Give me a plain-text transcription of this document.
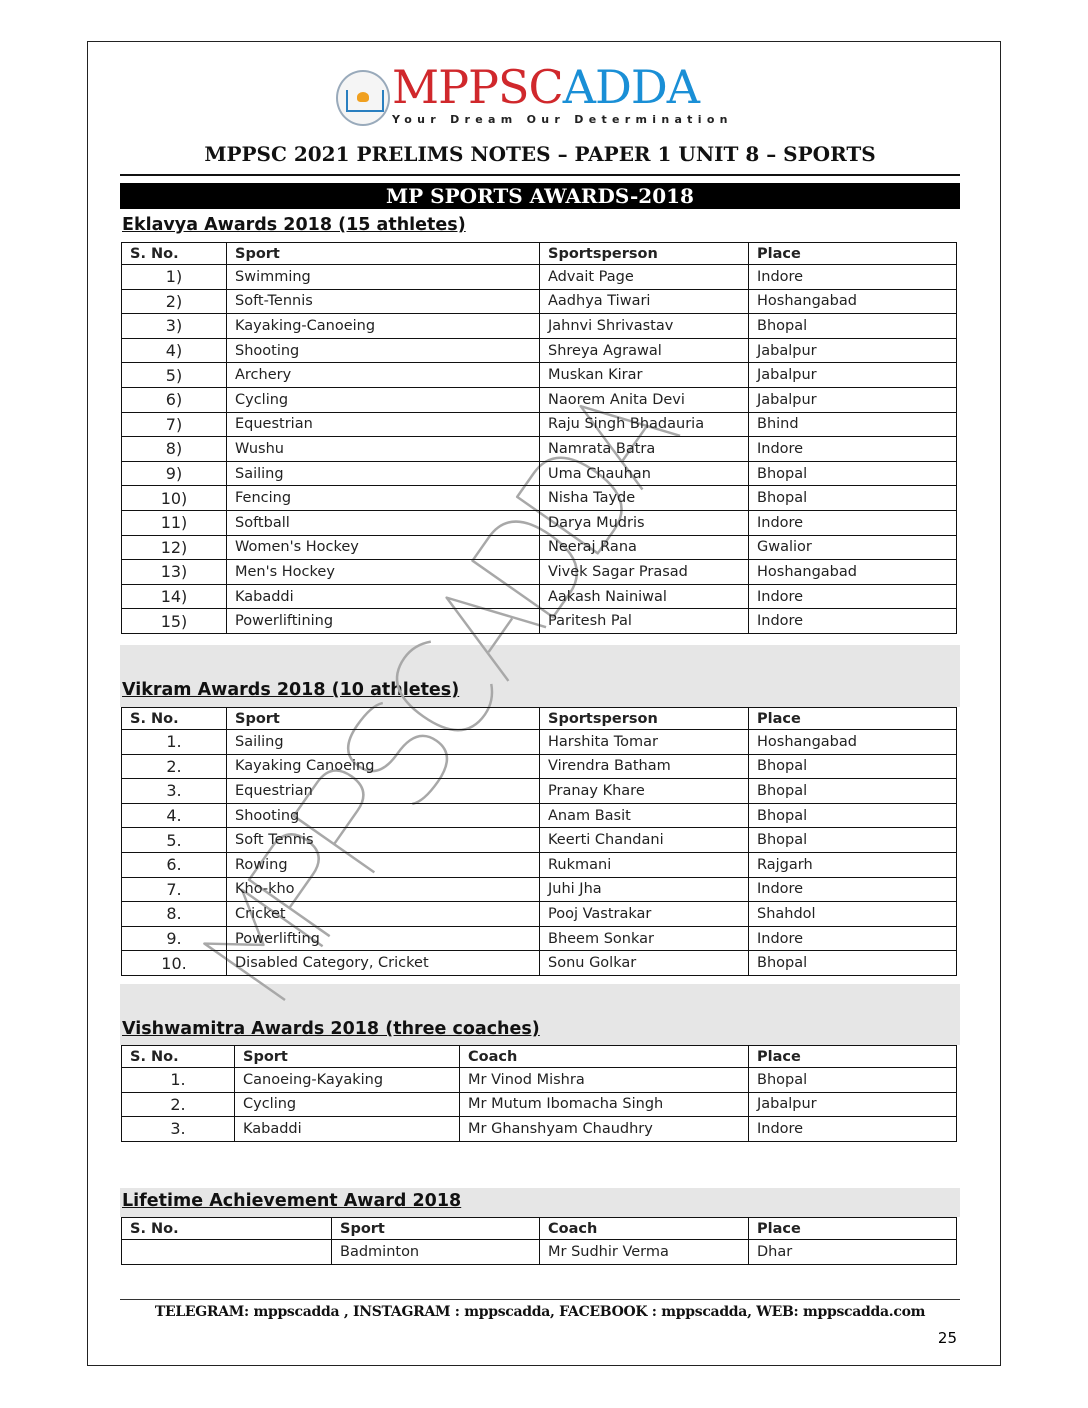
MPPSCADDA
Your Dream Our Determination
MPPSC 2021 PRELIMS NOTES – PAPER 1 UNIT 8 – SPORTS
MP SPORTS AWARDS-2018
Eklavya Awards 2018 (15 athletes)
S. No.	Sport	Sportsperson	Place
1)	Swimming	Advait Page	Indore
2)	Soft-Tennis	Aadhya Tiwari	Hoshangabad
3)	Kayaking-Canoeing	Jahnvi Shrivastav	Bhopal
4)	Shooting	Shreya Agrawal	Jabalpur
5)	Archery	Muskan Kirar	Jabalpur
6)	Cycling	Naorem Anita Devi	Jabalpur
7)	Equestrian	Raju Singh Bhadauria	Bhind
8)	Wushu	Namrata Batra	Indore
9)	Sailing	Uma Chauhan	Bhopal
10)	Fencing	Nisha Tayde	Bhopal
11)	Softball	Darya Mudris	Indore
12)	Women's Hockey	Neeraj Rana	Gwalior
13)	Men's Hockey	Vivek Sagar Prasad	Hoshangabad
14)	Kabaddi	Aakash Nainiwal	Indore
15)	Powerliftining	Paritesh Pal	Indore
Vikram Awards 2018 (10 athletes)
S. No.	Sport	Sportsperson	Place
1.	Sailing	Harshita Tomar	Hoshangabad
2.	Kayaking Canoeing	Virendra Batham	Bhopal
3.	Equestrian	Pranay Khare	Bhopal
4.	Shooting	Anam Basit	Bhopal
5.	Soft Tennis	Keerti Chandani	Bhopal
6.	Rowing	Rukmani	Rajgarh
7.	Kho-kho	Juhi Jha	Indore
8.	Cricket	Pooj Vastrakar	Shahdol
9.	Powerlifting	Bheem Sonkar	Indore
10.	Disabled Category, Cricket	Sonu Golkar	Bhopal
Vishwamitra Awards 2018 (three coaches)
S. No.	Sport	Coach	Place
1.	Canoeing-Kayaking	Mr Vinod Mishra	Bhopal
2.	Cycling	Mr Mutum Ibomacha Singh	Jabalpur
3.	Kabaddi	Mr Ghanshyam Chaudhry	Indore
Lifetime Achievement Award 2018
S. No.	Sport	Coach	Place
	Badminton	Mr Sudhir Verma	Dhar
TELEGRAM: mppscadda , INSTAGRAM : mppscadda, FACEBOOK : mppscadda, WEB: mppscadda.com
25
